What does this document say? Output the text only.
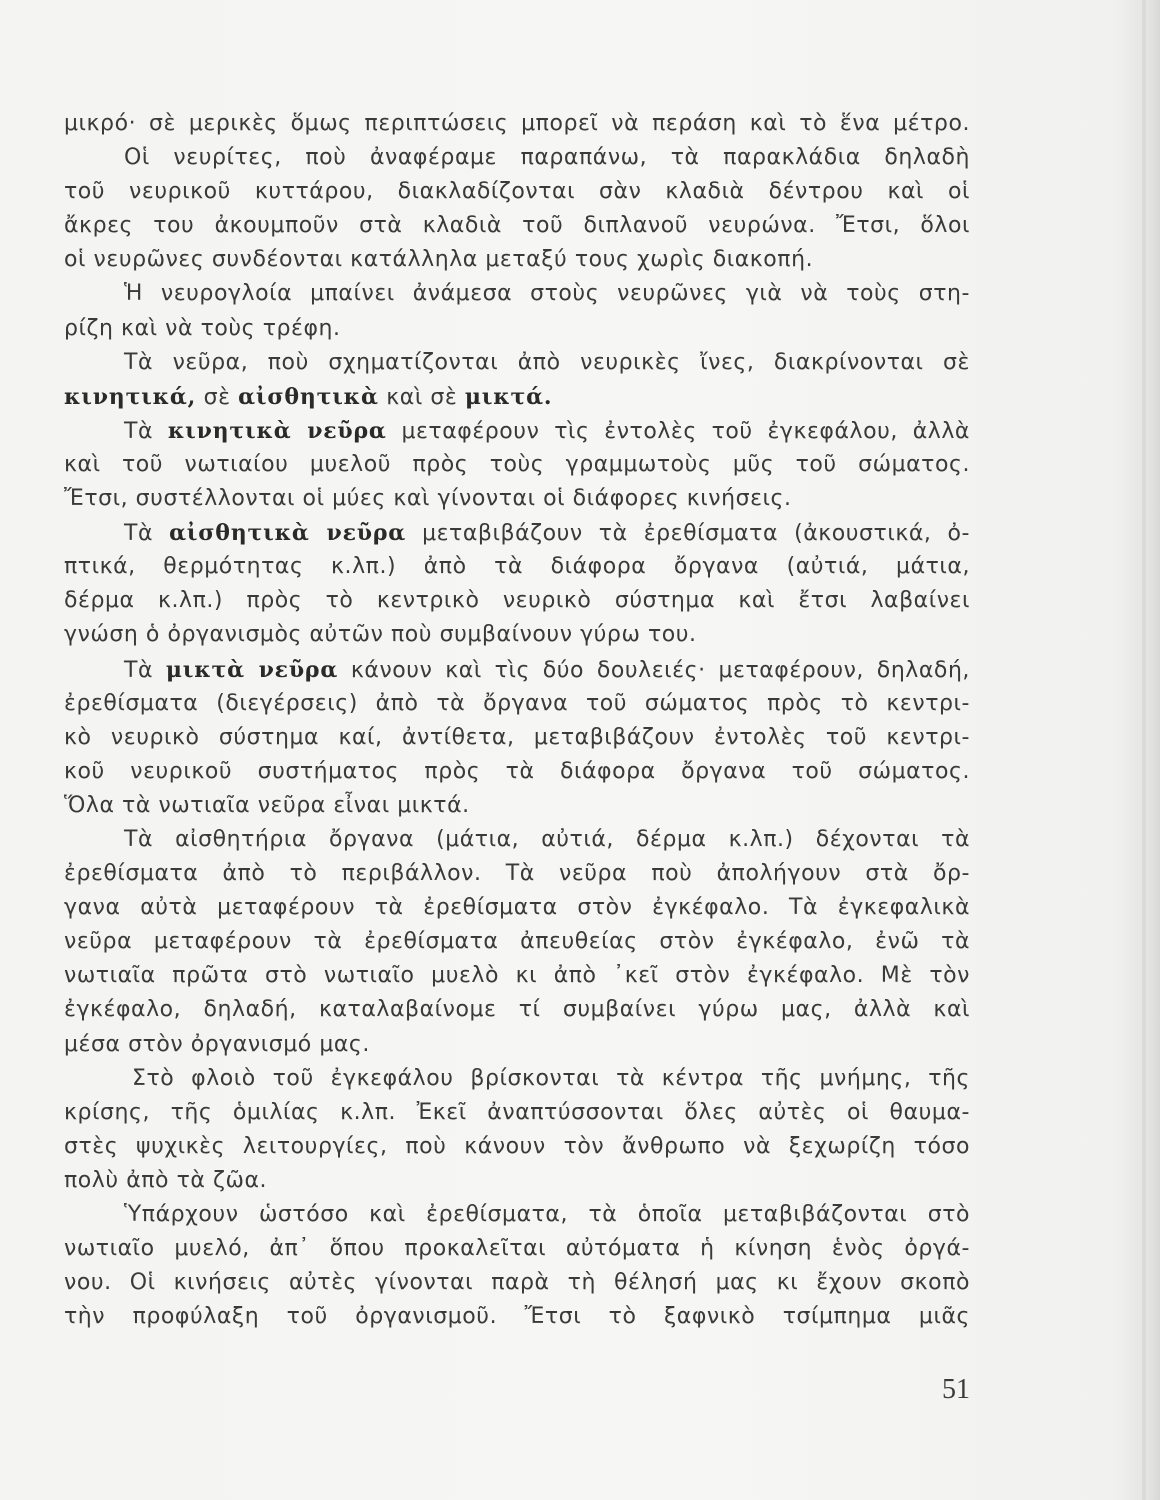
μικρό· σὲ μερικὲς ὅμως περιπτώσεις μπορεῖ νὰ περάση καὶ τὸ ἕνα μέτρο.
Οἱ νευρίτες, ποὺ ἀναφέραμε παραπάνω, τὰ παρακλάδια δηλαδὴ
τοῦ νευρικοῦ κυττάρου, διακλαδίζονται σὰν κλαδιὰ δέντρου καὶ οἱ
ἄκρες του ἀκουμποῦν στὰ κλαδιὰ τοῦ διπλανοῦ νευρώνα. Ἔτσι, ὅλοι
οἱ νευρῶνες συνδέονται κατάλληλα μεταξύ τους χωρὶς διακοπή.
Ἡ νευρογλοία μπαίνει ἀνάμεσα στοὺς νευρῶνες γιὰ νὰ τοὺς στη-
ρίζη καὶ νὰ τοὺς τρέφη.
Τὰ νεῦρα, ποὺ σχηματίζονται ἀπὸ νευρικὲς ἴνες, διακρίνονται σὲ
κινητικά, σὲ αἰσθητικὰ καὶ σὲ μικτά.
Τὰ κινητικὰ νεῦρα μεταφέρουν τὶς ἐντολὲς τοῦ ἐγκεφάλου, ἀλλὰ
καὶ τοῦ νωτιαίου μυελοῦ πρὸς τοὺς γραμμωτοὺς μῦς τοῦ σώματος.
Ἔτσι, συστέλλονται οἱ μύες καὶ γίνονται οἱ διάφορες κινήσεις.
Τὰ αἰσθητικὰ νεῦρα μεταβιβάζουν τὰ ἐρεθίσματα (ἀκουστικά, ὀ-
πτικά, θερμότητας κ.λπ.) ἀπὸ τὰ διάφορα ὄργανα (αὐτιά, μάτια,
δέρμα κ.λπ.) πρὸς τὸ κεντρικὸ νευρικὸ σύστημα καὶ ἔτσι λαβαίνει
γνώση ὁ ὀργανισμὸς αὐτῶν ποὺ συμβαίνουν γύρω του.
Τὰ μικτὰ νεῦρα κάνουν καὶ τὶς δύο δουλειές· μεταφέρουν, δηλαδή,
ἐρεθίσματα (διεγέρσεις) ἀπὸ τὰ ὄργανα τοῦ σώματος πρὸς τὸ κεντρι-
κὸ νευρικὸ σύστημα καί, ἀντίθετα, μεταβιβάζουν ἐντολὲς τοῦ κεντρι-
κοῦ νευρικοῦ συστήματος πρὸς τὰ διάφορα ὄργανα τοῦ σώματος.
Ὅλα τὰ νωτιαῖα νεῦρα εἶναι μικτά.
Τὰ αἰσθητήρια ὄργανα (μάτια, αὐτιά, δέρμα κ.λπ.) δέχονται τὰ
ἐρεθίσματα ἀπὸ τὸ περιβάλλον. Τὰ νεῦρα ποὺ ἀπολήγουν στὰ ὄρ-
γανα αὐτὰ μεταφέρουν τὰ ἐρεθίσματα στὸν ἐγκέφαλο. Τὰ ἐγκεφαλικὰ
νεῦρα μεταφέρουν τὰ ἐρεθίσματα ἀπευθείας στὸν ἐγκέφαλο, ἐνῶ τὰ
νωτιαῖα πρῶτα στὸ νωτιαῖο μυελὸ κι ἀπὸ ᾿κεῖ στὸν ἐγκέφαλο. Μὲ τὸν
ἐγκέφαλο, δηλαδή, καταλαβαίνομε τί συμβαίνει γύρω μας, ἀλλὰ καὶ
μέσα στὸν ὀργανισμό μας.
Στὸ φλοιὸ τοῦ ἐγκεφάλου βρίσκονται τὰ κέντρα τῆς μνήμης, τῆς
κρίσης, τῆς ὁμιλίας κ.λπ. Ἐκεῖ ἀναπτύσσονται ὅλες αὐτὲς οἱ θαυμα-
στὲς ψυχικὲς λειτουργίες, ποὺ κάνουν τὸν ἄνθρωπο νὰ ξεχωρίζη τόσο
πολὺ ἀπὸ τὰ ζῶα.
Ὑπάρχουν ὡστόσο καὶ ἐρεθίσματα, τὰ ὁποῖα μεταβιβάζονται στὸ
νωτιαῖο μυελό, ἀπ᾿ ὅπου προκαλεῖται αὐτόματα ἡ κίνηση ἑνὸς ὀργά-
νου. Οἱ κινήσεις αὐτὲς γίνονται παρὰ τὴ θέλησή μας κι ἔχουν σκοπὸ
τὴν προφύλαξη τοῦ ὀργανισμοῦ. Ἔτσι τὸ ξαφνικὸ τσίμπημα μιᾶς
51
